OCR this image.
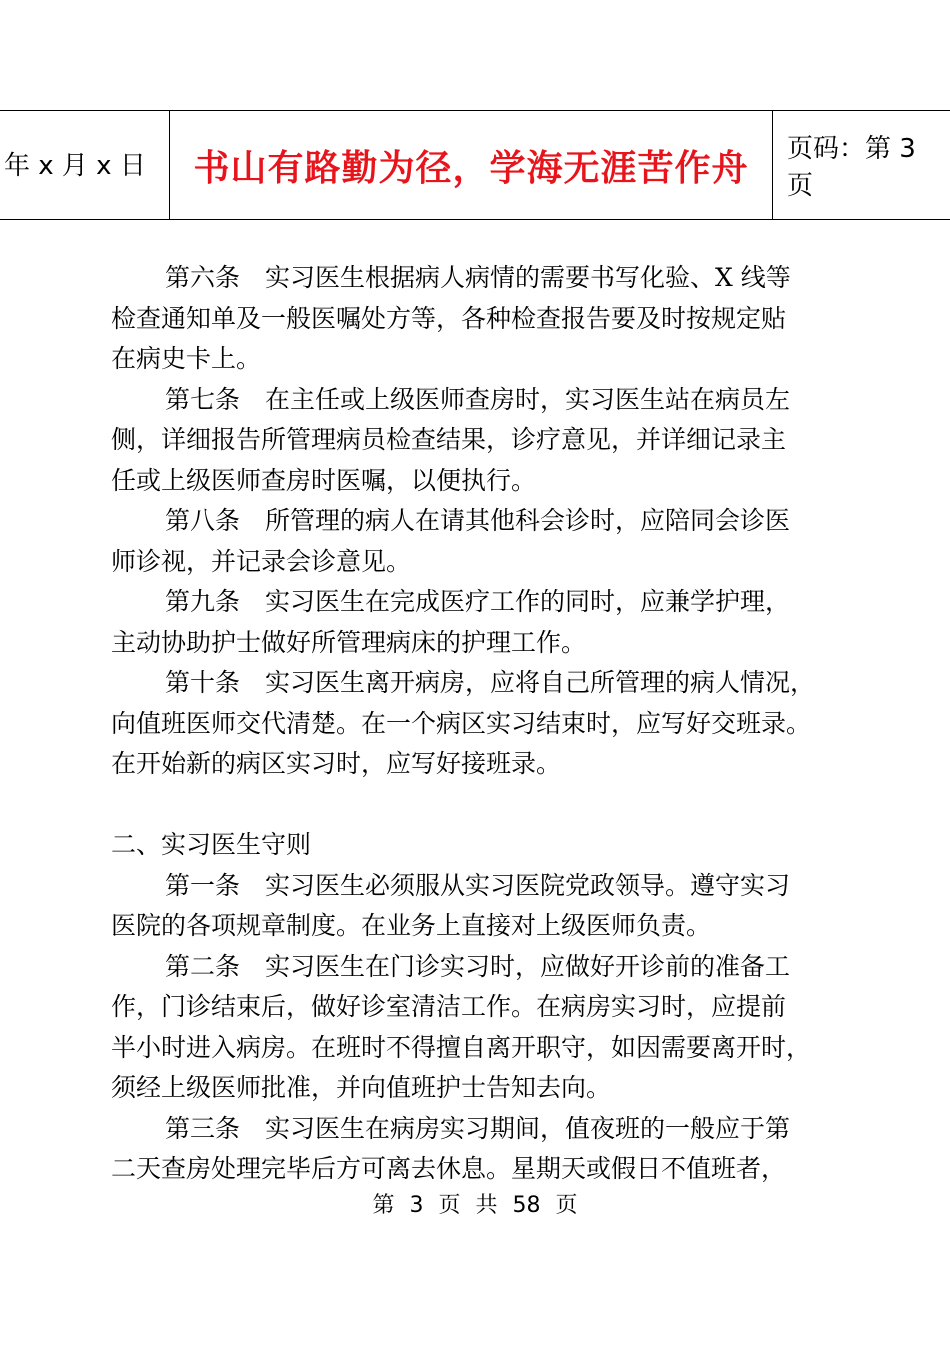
年 x 月 x 日	书山有路勤为径，学海无涯苦作舟	页码：第 3 页

第六条　实习医生根据病人病情的需要书写化验、X 线等

检查通知单及一般医嘱处方等，各种检查报告要及时按规定贴

在病史卡上。

第七条　在主任或上级医师查房时，实习医生站在病员左

侧，详细报告所管理病员检查结果，诊疗意见，并详细记录主

任或上级医师查房时医嘱，以便执行。

第八条　所管理的病人在请其他科会诊时，应陪同会诊医

师诊视，并记录会诊意见。

第九条　实习医生在完成医疗工作的同时，应兼学护理，

主动协助护士做好所管理病床的护理工作。

第十条　实习医生离开病房，应将自己所管理的病人情况，

向值班医师交代清楚。在一个病区实习结束时，应写好交班录。

在开始新的病区实习时，应写好接班录。

二、实习医生守则

第一条　实习医生必须服从实习医院党政领导。遵守实习

医院的各项规章制度。在业务上直接对上级医师负责。

第二条　实习医生在门诊实习时，应做好开诊前的准备工

作，门诊结束后，做好诊室清洁工作。在病房实习时，应提前

半小时进入病房。在班时不得擅自离开职守，如因需要离开时，

须经上级医师批准，并向值班护士告知去向。

第三条　实习医生在病房实习期间，值夜班的一般应于第

二天查房处理完毕后方可离去休息。星期天或假日不值班者，

第 3 页 共 58 页
